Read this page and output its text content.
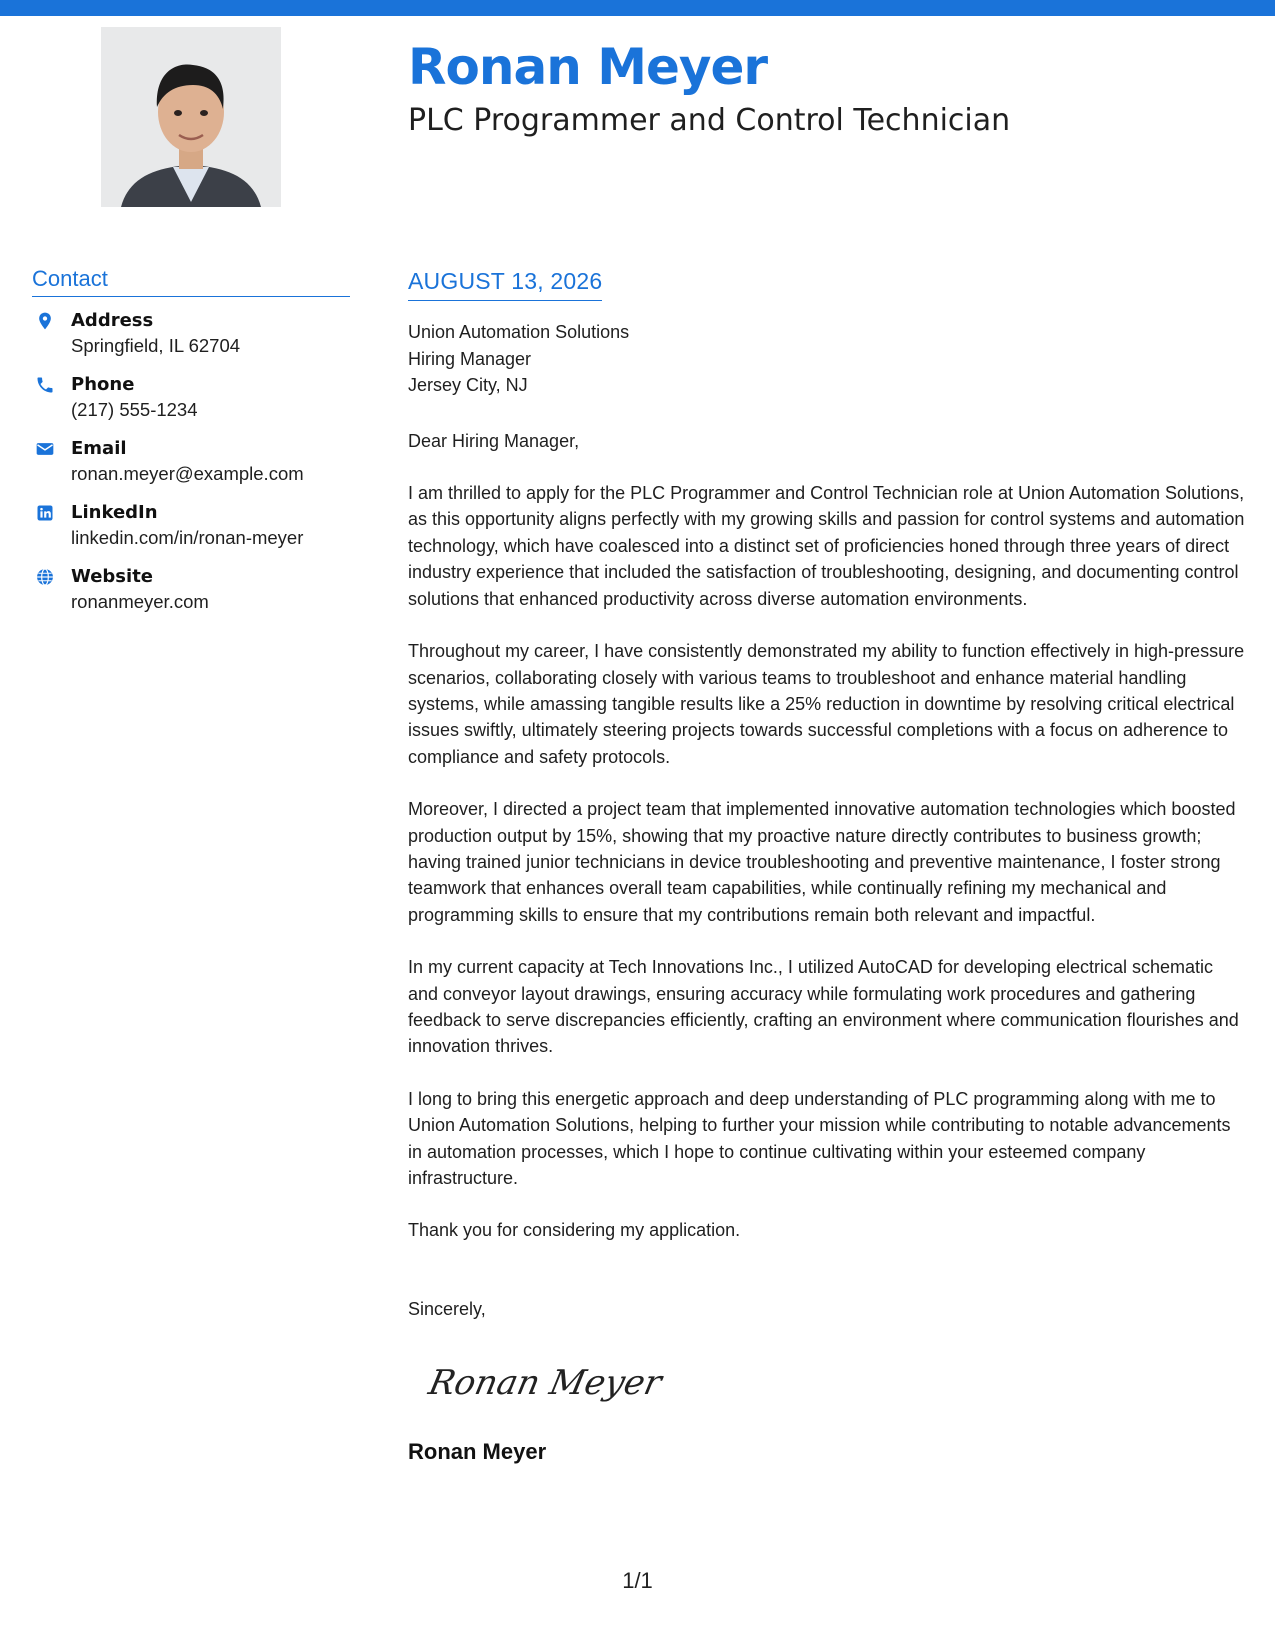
Ronan Meyer
PLC Programmer and Control Technician
Contact
Address
Springfield, IL 62704
Phone
(217) 555-1234
Email
ronan.meyer@example.com
LinkedIn
linkedin.com/in/ronan-meyer
Website
ronanmeyer.com
AUGUST 13, 2026
Union Automation Solutions
Hiring Manager
Jersey City, NJ
Dear Hiring Manager,

I am thrilled to apply for the PLC Programmer and Control Technician role at Union Automation Solutions, as this opportunity aligns perfectly with my growing skills and passion for control systems and automation technology, which have coalesced into a distinct set of proficiencies honed through three years of direct industry experience that included the satisfaction of troubleshooting, designing, and documenting control solutions that enhanced productivity across diverse automation environments.

Throughout my career, I have consistently demonstrated my ability to function effectively in high-pressure scenarios, collaborating closely with various teams to troubleshoot and enhance material handling systems, while amassing tangible results like a 25% reduction in downtime by resolving critical electrical issues swiftly, ultimately steering projects towards successful completions with a focus on adherence to compliance and safety protocols.

Moreover, I directed a project team that implemented innovative automation technologies which boosted production output by 15%, showing that my proactive nature directly contributes to business growth; having trained junior technicians in device troubleshooting and preventive maintenance, I foster strong teamwork that enhances overall team capabilities, while continually refining my mechanical and programming skills to ensure that my contributions remain both relevant and impactful.

In my current capacity at Tech Innovations Inc., I utilized AutoCAD for developing electrical schematic and conveyor layout drawings, ensuring accuracy while formulating work procedures and gathering feedback to serve discrepancies efficiently, crafting an environment where communication flourishes and innovation thrives.

I long to bring this energetic approach and deep understanding of PLC programming along with me to Union Automation Solutions, helping to further your mission while contributing to notable advancements in automation processes, which I hope to continue cultivating within your esteemed company infrastructure.

Thank you for considering my application.

Sincerely,
Ronan Meyer
Ronan Meyer
1/1
